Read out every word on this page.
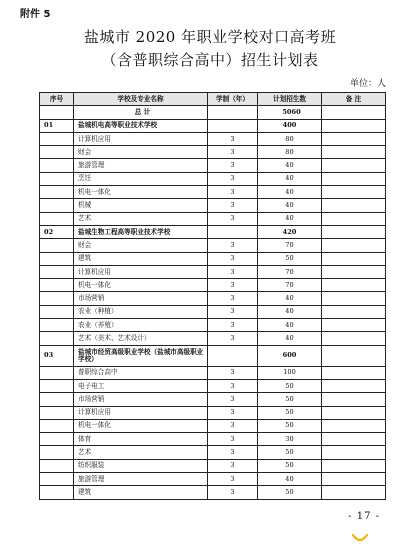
附件 5
盐城市 2020 年职业学校对口高考班
（含普职综合高中）招生计划表
单位：人
序号	学校及专业名称	学制（年）	计划招生数	备 注
	总 计		5060	
01	盐城机电高等职业技术学校		400	
	计算机应用	3	80	
	财会	3	80	
	旅游管理	3	40	
	烹饪	3	40	
	机电一体化	3	40	
	机械	3	40	
	艺术	3	40	
02	盐城生物工程高等职业技术学校		420	
	财会	3	70	
	建筑	3	50	
	计算机应用	3	70	
	机电一体化	3	70	
	市场营销	3	40	
	农业（种植）	3	40	
	农业（养殖）	3	40	
	艺术（美术、艺术设计）	3	40	
03	盐城市经贸高级职业学校（盐城市高级职业学校）		600	
	普职综合高中	3	100	
	电子电工	3	50	
	市场营销	3	50	
	计算机应用	3	50	
	机电一体化	3	50	
	体育	3	30	
	艺术	3	50	
	纺织服装	3	50	
	旅游管理	3	40	
	建筑	3	50	
- 17 -
